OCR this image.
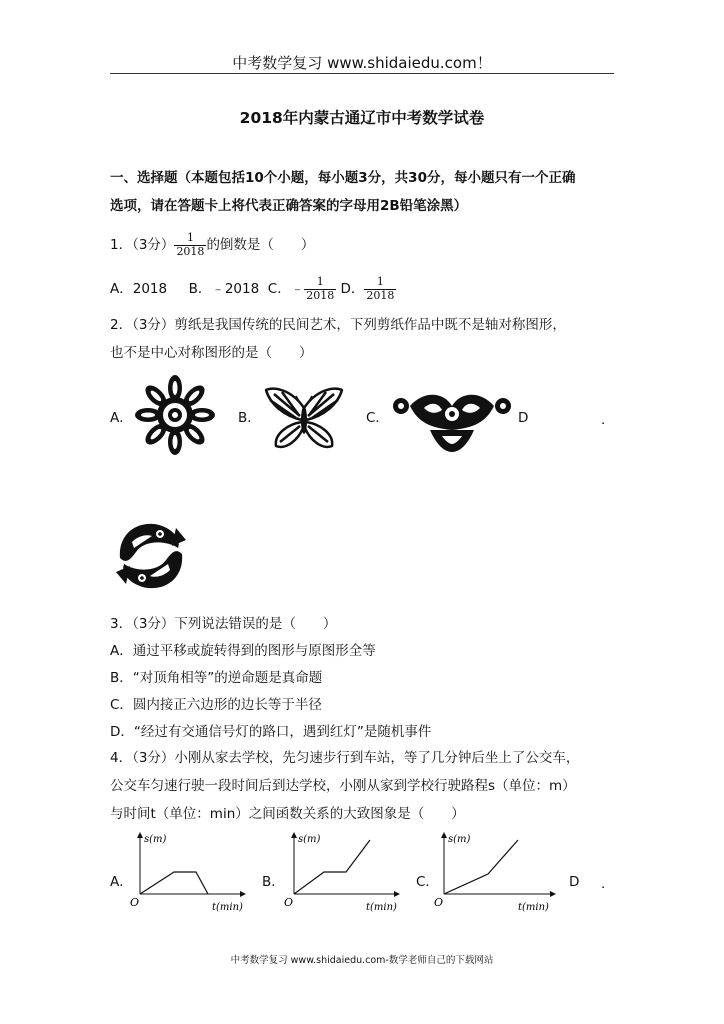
中考数学复习 www.shidaiedu.com！
2018年内蒙古通辽市中考数学试卷
一、选择题（本题包括10个小题，每小题3分，共30分，每小题只有一个正确
选项，请在答题卡上将代表正确答案的字母用2B铅笔涂黑）
1．（3分） $\frac{1}{2018}$ 的倒数是（　　）
A．2018 B．﹣2018 C．﹣ $\frac{1}{2018}$ D． $\frac{1}{2018}$
2．（3分）剪纸是我国传统的民间艺术，下列剪纸作品中既不是轴对称图形，
也不是中心对称图形的是（　　）
A．	B．	C．	D	.
3．（3分）下列说法错误的是（　　）
A．通过平移或旋转得到的图形与原图形全等
B．“对顶角相等”的逆命题是真命题
C．圆内接正六边形的边长等于半径
D．“经过有交通信号灯的路口，遇到红灯”是随机事件
4．（3分）小刚从家去学校，先匀速步行到车站，等了几分钟后坐上了公交车，
公交车匀速行驶一段时间后到达学校，小刚从家到学校行驶路程s（单位：m）
与时间t（单位：min）之间函数关系的大致图象是（　　）
A．
s(m)
t(min)
O
B．
s(m)
t(min)
O
C．
s(m)
t(min)
O
D .
中考数学复习 www.shidaiedu.com-数学老师自己的下载网站
